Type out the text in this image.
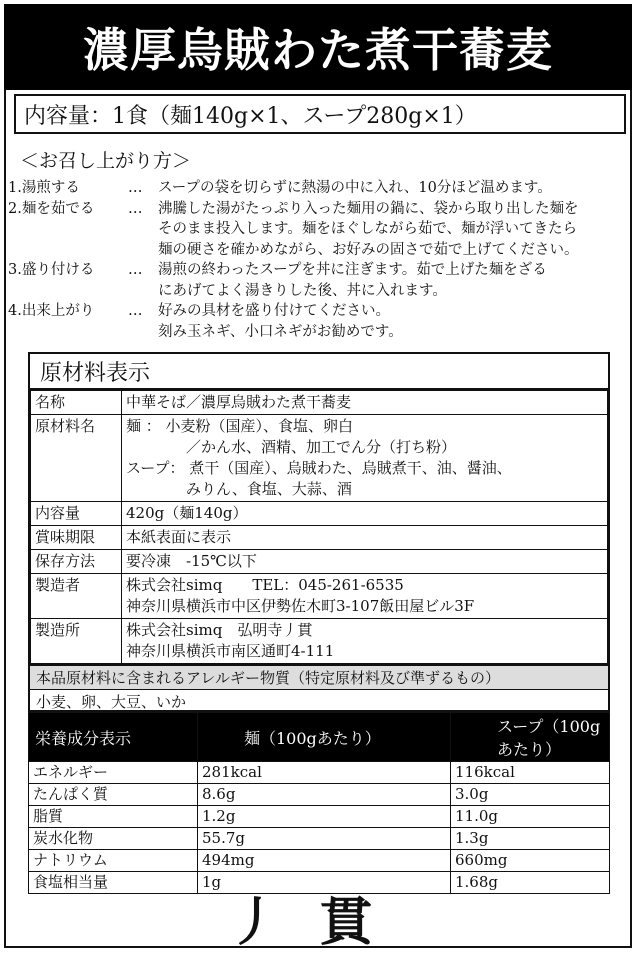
濃厚烏賊わた煮干蕎麦
内容量：1食（麺140g×1、スープ280g×1）
＜お召し上がり方＞
1.湯煎する	…	スープの袋を切らずに熱湯の中に入れ、10分ほど温めます。
2.麺を茹でる	…	沸騰した湯がたっぷり入った麺用の鍋に、袋から取り出した麺を
そのまま投入します。麺をほぐしながら茹で、麺が浮いてきたら
麺の硬さを確かめながら、お好みの固さで茹で上げてください。
3.盛り付ける	…	湯煎の終わったスープを丼に注ぎます。茹で上げた麺をざる
にあげてよく湯きりした後、丼に入れます。
4.出来上がり	…	好みの具材を盛り付けてください。
刻み玉ネギ、小口ネギがお勧めです。
原材料表示
名称	中華そば／濃厚烏賊わた煮干蕎麦

原材料名	麺 ： 小麦粉（国産）、食塩、卵白
　　　　／かん水、酒精、加工でん分（打ち粉）
スープ： 煮干（国産）、烏賊わた、烏賊煮干、油、醤油、
　　　　みりん、食塩、大蒜、酒

内容量	420g（麺140g）

賞味期限	本紙表面に表示

保存方法	要冷凍　-15℃以下

製造者	株式会社simq　　TEL：045-261-6535
神奈川県横浜市中区伊勢佐木町3-107飯田屋ビル3F

製造所	株式会社simq　弘明寺丿貫
神奈川県横浜市南区通町4-111
本品原材料に含まれるアレルギー物質（特定原材料及び準ずるもの）
小麦、卵、大豆、いか
栄養成分表示	麺（100gあたり）	スープ（100gあたり）
エネルギー	281kcal	116kcal
たんぱく質	8.6g	3.0g
脂質	1.2g	11.0g
炭水化物	55.7g	1.3g
ナトリウム	494mg	660mg
食塩相当量	1g	1.68g
丿貫
